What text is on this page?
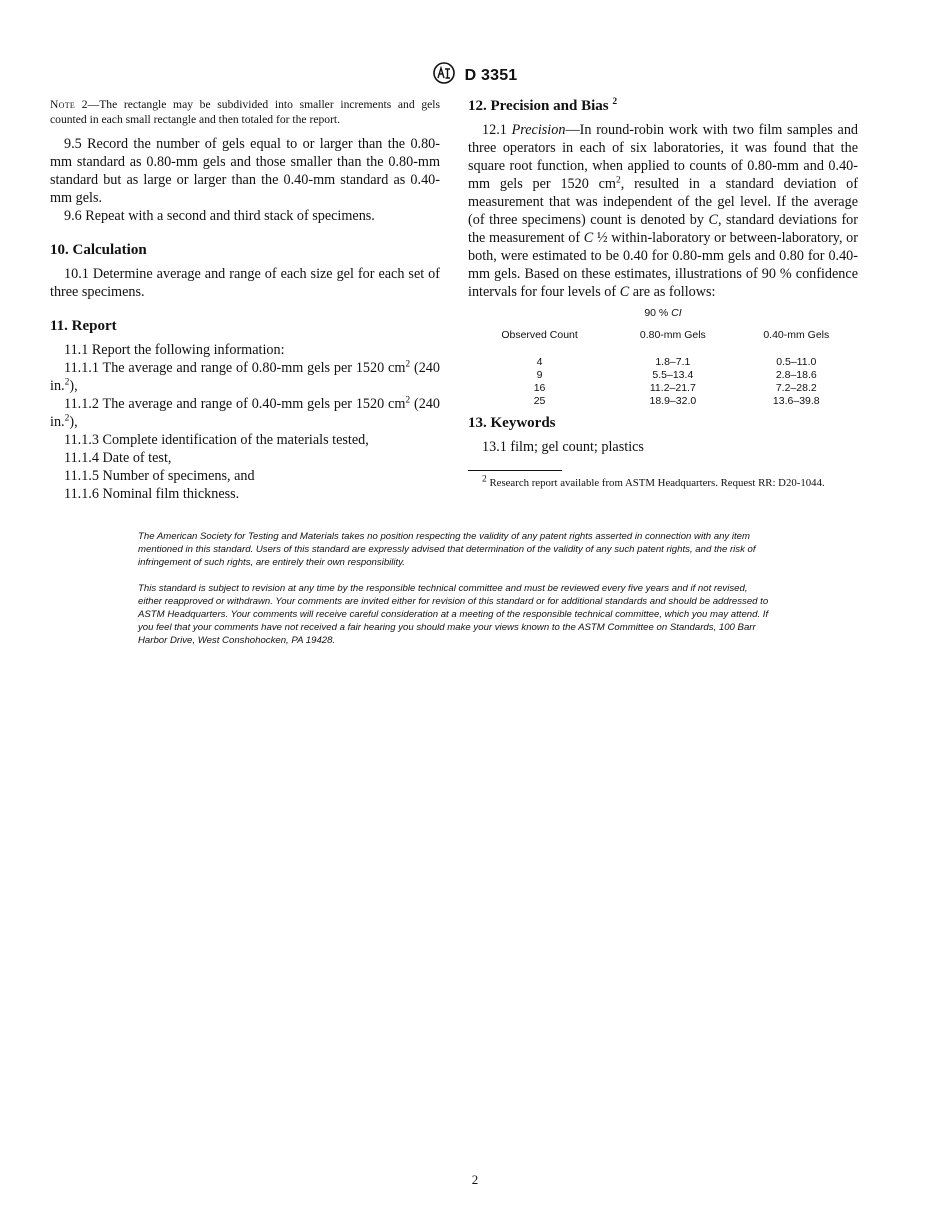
D 3351

Note 2—The rectangle may be subdivided into smaller increments and gels counted in each small rectangle and then totaled for the report.

9.5 Record the number of gels equal to or larger than the 0.80-mm standard as 0.80-mm gels and those smaller than the 0.80-mm standard but as large or larger than the 0.40-mm standard as 0.40-mm gels.

9.6 Repeat with a second and third stack of specimens.

10. Calculation

10.1 Determine average and range of each size gel for each set of three specimens.

11. Report

11.1 Report the following information:

11.1.1 The average and range of 0.80-mm gels per 1520 $cm^2$ (240 in.$^2$),

11.1.2 The average and range of 0.40-mm gels per 1520 $cm^2$ (240 in.$^2$),

11.1.3 Complete identification of the materials tested,

11.1.4 Date of test,

11.1.5 Number of specimens, and

11.1.6 Nominal film thickness.

12. Precision and Bias $^2$

12.1 Precision—In round-robin work with two film samples and three operators in each of six laboratories, it was found that the square root function, when applied to counts of 0.80-mm and 0.40-mm gels per 1520 $cm^2$, resulted in a standard deviation of measurement that was independent of the gel level. If the average (of three specimens) count is denoted by C, standard deviations for the measurement of C ½ within-laboratory or between-laboratory, or both, were estimated to be 0.40 for 0.80-mm gels and 0.80 for 0.40-mm gels. Based on these estimates, illustrations of 90 % confidence intervals for four levels of C are as follows:

90 % CI		
Observed Count	0.80-mm Gels	0.40-mm Gels
4	1.8–7.1	0.5–11.0
9	5.5–13.4	2.8–18.6
16	11.2–21.7	7.2–28.2
25	18.9–32.0	13.6–39.8

13. Keywords

13.1 film; gel count; plastics

$^2$ Research report available from ASTM Headquarters. Request RR: D20-1044.

The American Society for Testing and Materials takes no position respecting the validity of any patent rights asserted in connection with any item mentioned in this standard. Users of this standard are expressly advised that determination of the validity of any such patent rights, and the risk of infringement of such rights, are entirely their own responsibility.

This standard is subject to revision at any time by the responsible technical committee and must be reviewed every five years and if not revised, either reapproved or withdrawn. Your comments are invited either for revision of this standard or for additional standards and should be addressed to ASTM Headquarters. Your comments will receive careful consideration at a meeting of the responsible technical committee, which you may attend. If you feel that your comments have not received a fair hearing you should make your views known to the ASTM Committee on Standards, 100 Barr Harbor Drive, West Conshohocken, PA 19428.

2
